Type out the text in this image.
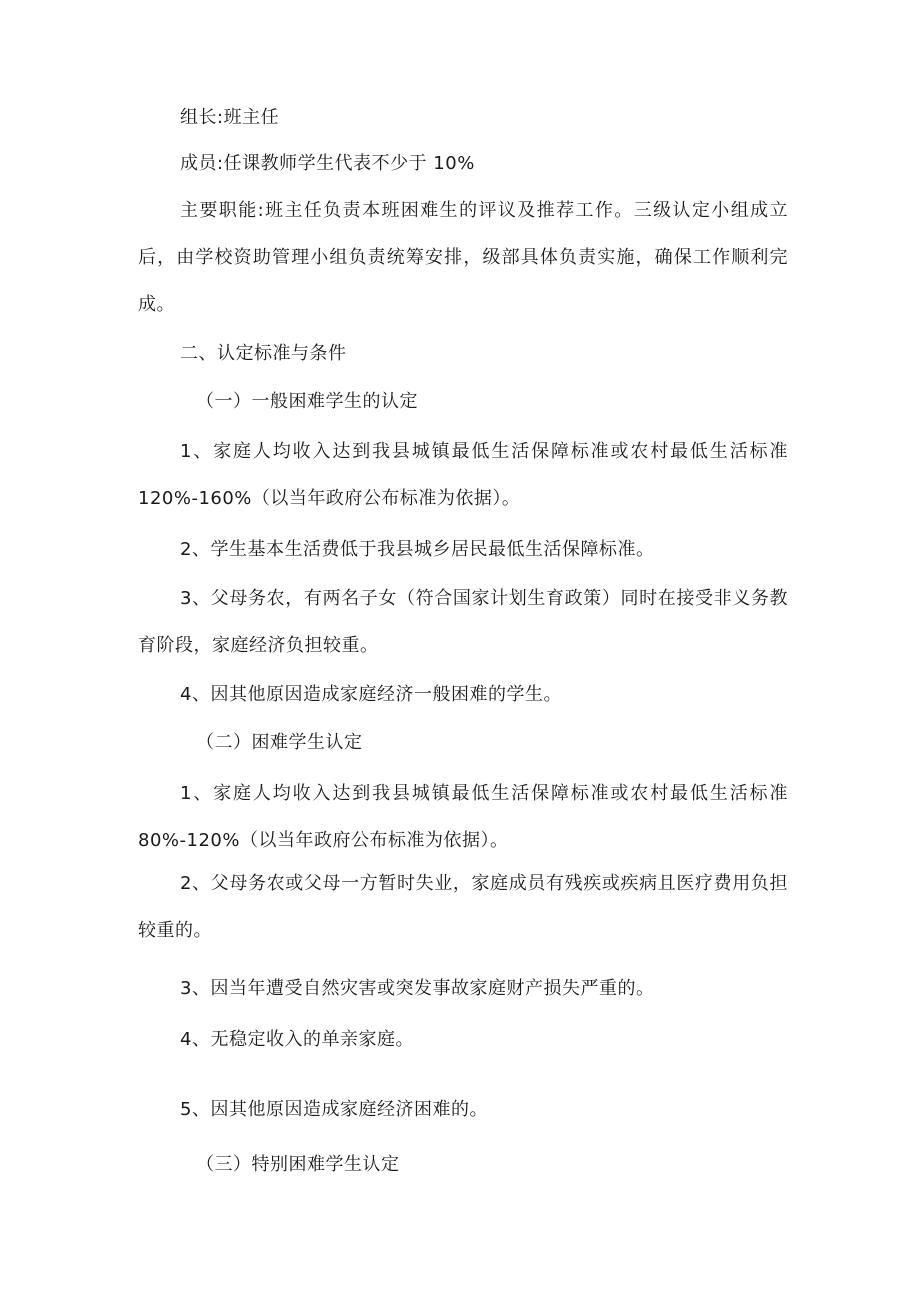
组长:班主任

成员:任课教师学生代表不少于 10%

主要职能:班主任负责本班困难生的评议及推荐工作。三级认定小组成立后，由学校资助管理小组负责统筹安排，级部具体负责实施，确保工作顺利完成。

二、认定标准与条件

（一）一般困难学生的认定

1、家庭人均收入达到我县城镇最低生活保障标准或农村最低生活标准120%-160%（以当年政府公布标准为依据）。

2、学生基本生活费低于我县城乡居民最低生活保障标准。

3、父母务农，有两名子女（符合国家计划生育政策）同时在接受非义务教育阶段，家庭经济负担较重。

4、因其他原因造成家庭经济一般困难的学生。

（二）困难学生认定

1、家庭人均收入达到我县城镇最低生活保障标准或农村最低生活标准80%-120%（以当年政府公布标准为依据）。

2、父母务农或父母一方暂时失业，家庭成员有残疾或疾病且医疗费用负担较重的。

3、因当年遭受自然灾害或突发事故家庭财产损失严重的。

4、无稳定收入的单亲家庭。

5、因其他原因造成家庭经济困难的。

（三）特别困难学生认定
